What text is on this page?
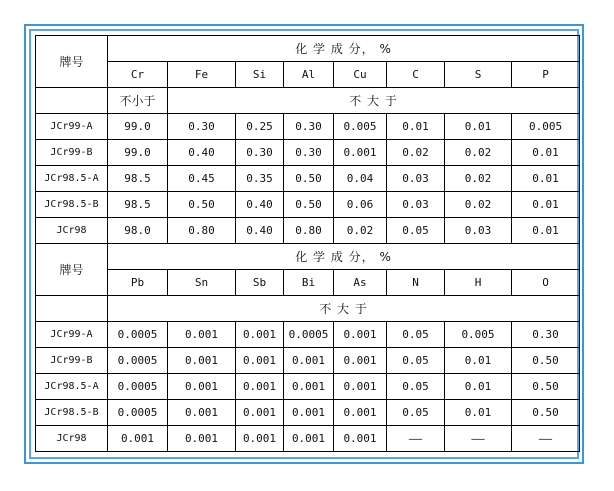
牌号	化 学 成 分， %							
	Cr	Fe	Si	Al	Cu	C	S	P
	不小于	不 大 于						
JCr99-A	99.0	0.30	0.25	0.30	0.005	0.01	0.01	0.005
JCr99-B	99.0	0.40	0.30	0.30	0.001	0.02	0.02	0.01
JCr98.5-A	98.5	0.45	0.35	0.50	0.04	0.03	0.02	0.01
JCr98.5-B	98.5	0.50	0.40	0.50	0.06	0.03	0.02	0.01
JCr98	98.0	0.80	0.40	0.80	0.02	0.05	0.03	0.01
牌号	化 学 成 分， %							
	Pb	Sn	Sb	Bi	As	N	H	O
	不 大 于							
JCr99-A	0.0005	0.001	0.001	0.0005	0.001	0.05	0.005	0.30
JCr99-B	0.0005	0.001	0.001	0.001	0.001	0.05	0.01	0.50
JCr98.5-A	0.0005	0.001	0.001	0.001	0.001	0.05	0.01	0.50
JCr98.5-B	0.0005	0.001	0.001	0.001	0.001	0.05	0.01	0.50
JCr98	0.001	0.001	0.001	0.001	0.001	——	——	——
